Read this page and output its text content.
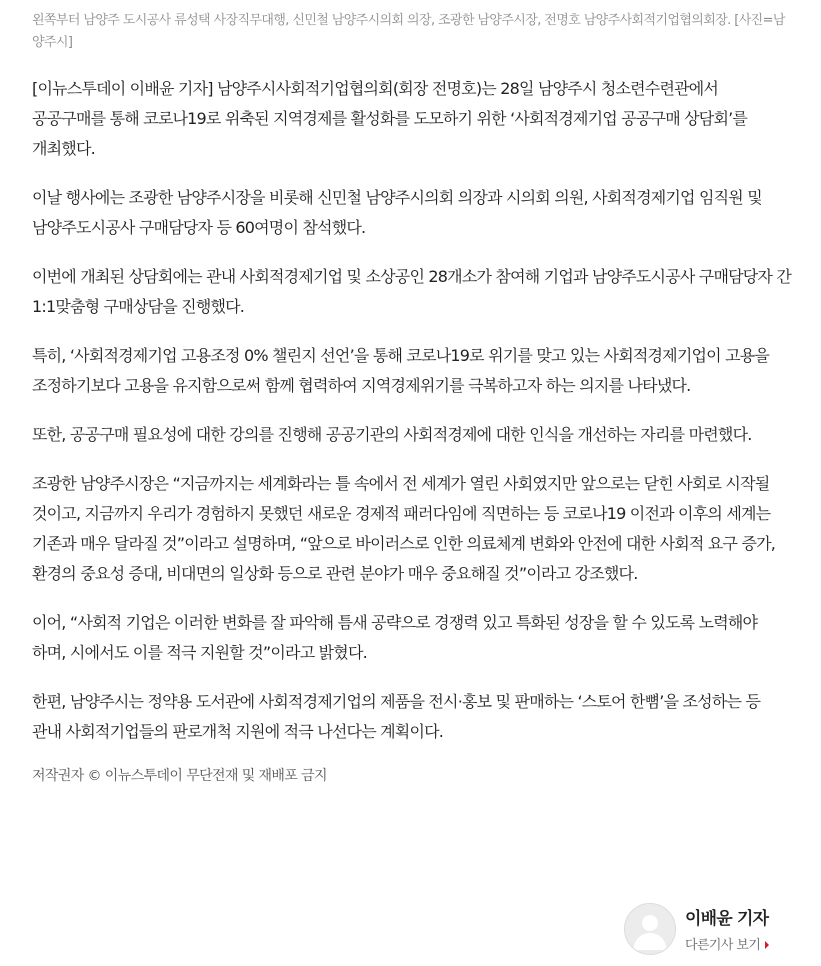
왼쪽부터 남양주 도시공사 류성택 사장직무대행, 신민철 남양주시의회 의장, 조광한 남양주시장, 전명호 남양주사회적기업협의회장. [사진=남양주시]

[이뉴스투데이 이배윤 기자] 남양주시사회적기업협의회(회장 전명호)는 28일 남양주시 청소련수련관에서 공공구매를 통해 코로나19로 위축된 지역경제를 활성화를 도모하기 위한 ‘사회적경제기업 공공구매 상담회’를 개최했다.

이날 행사에는 조광한 남양주시장을 비롯해 신민철 남양주시의회 의장과 시의회 의원, 사회적경제기업 임직원 및 남양주도시공사 구매담당자 등 60여명이 참석했다.

이번에 개최된 상담회에는 관내 사회적경제기업 및 소상공인 28개소가 참여해 기업과 남양주도시공사 구매담당자 간 1:1맞춤형 구매상담을 진행했다.

특히, ‘사회적경제기업 고용조정 0% 챌린지 선언’을 통해 코로나19로 위기를 맞고 있는 사회적경제기업이 고용을 조정하기보다 고용을 유지함으로써 함께 협력하여 지역경제위기를 극복하고자 하는 의지를 나타냈다.

또한, 공공구매 필요성에 대한 강의를 진행해 공공기관의 사회적경제에 대한 인식을 개선하는 자리를 마련했다.

조광한 남양주시장은 “지금까지는 세계화라는 틀 속에서 전 세계가 열린 사회였지만 앞으로는 닫힌 사회로 시작될 것이고, 지금까지 우리가 경험하지 못했던 새로운 경제적 패러다임에 직면하는 등 코로나19 이전과 이후의 세계는 기존과 매우 달라질 것”이라고 설명하며, “앞으로 바이러스로 인한 의료체계 변화와 안전에 대한 사회적 요구 증가, 환경의 중요성 증대, 비대면의 일상화 등으로 관련 분야가 매우 중요해질 것”이라고 강조했다.

이어, “사회적 기업은 이러한 변화를 잘 파악해 틈새 공략으로 경쟁력 있고 특화된 성장을 할 수 있도록 노력해야 하며, 시에서도 이를 적극 지원할 것”이라고 밝혔다.

한편, 남양주시는 정약용 도서관에 사회적경제기업의 제품을 전시·홍보 및 판매하는 ‘스토어 한뼘’을 조성하는 등 관내 사회적기업들의 판로개척 지원에 적극 나선다는 계획이다.

저작권자 © 이뉴스투데이 무단전재 및 재배포 금지

이배윤 기자
다른기사 보기
